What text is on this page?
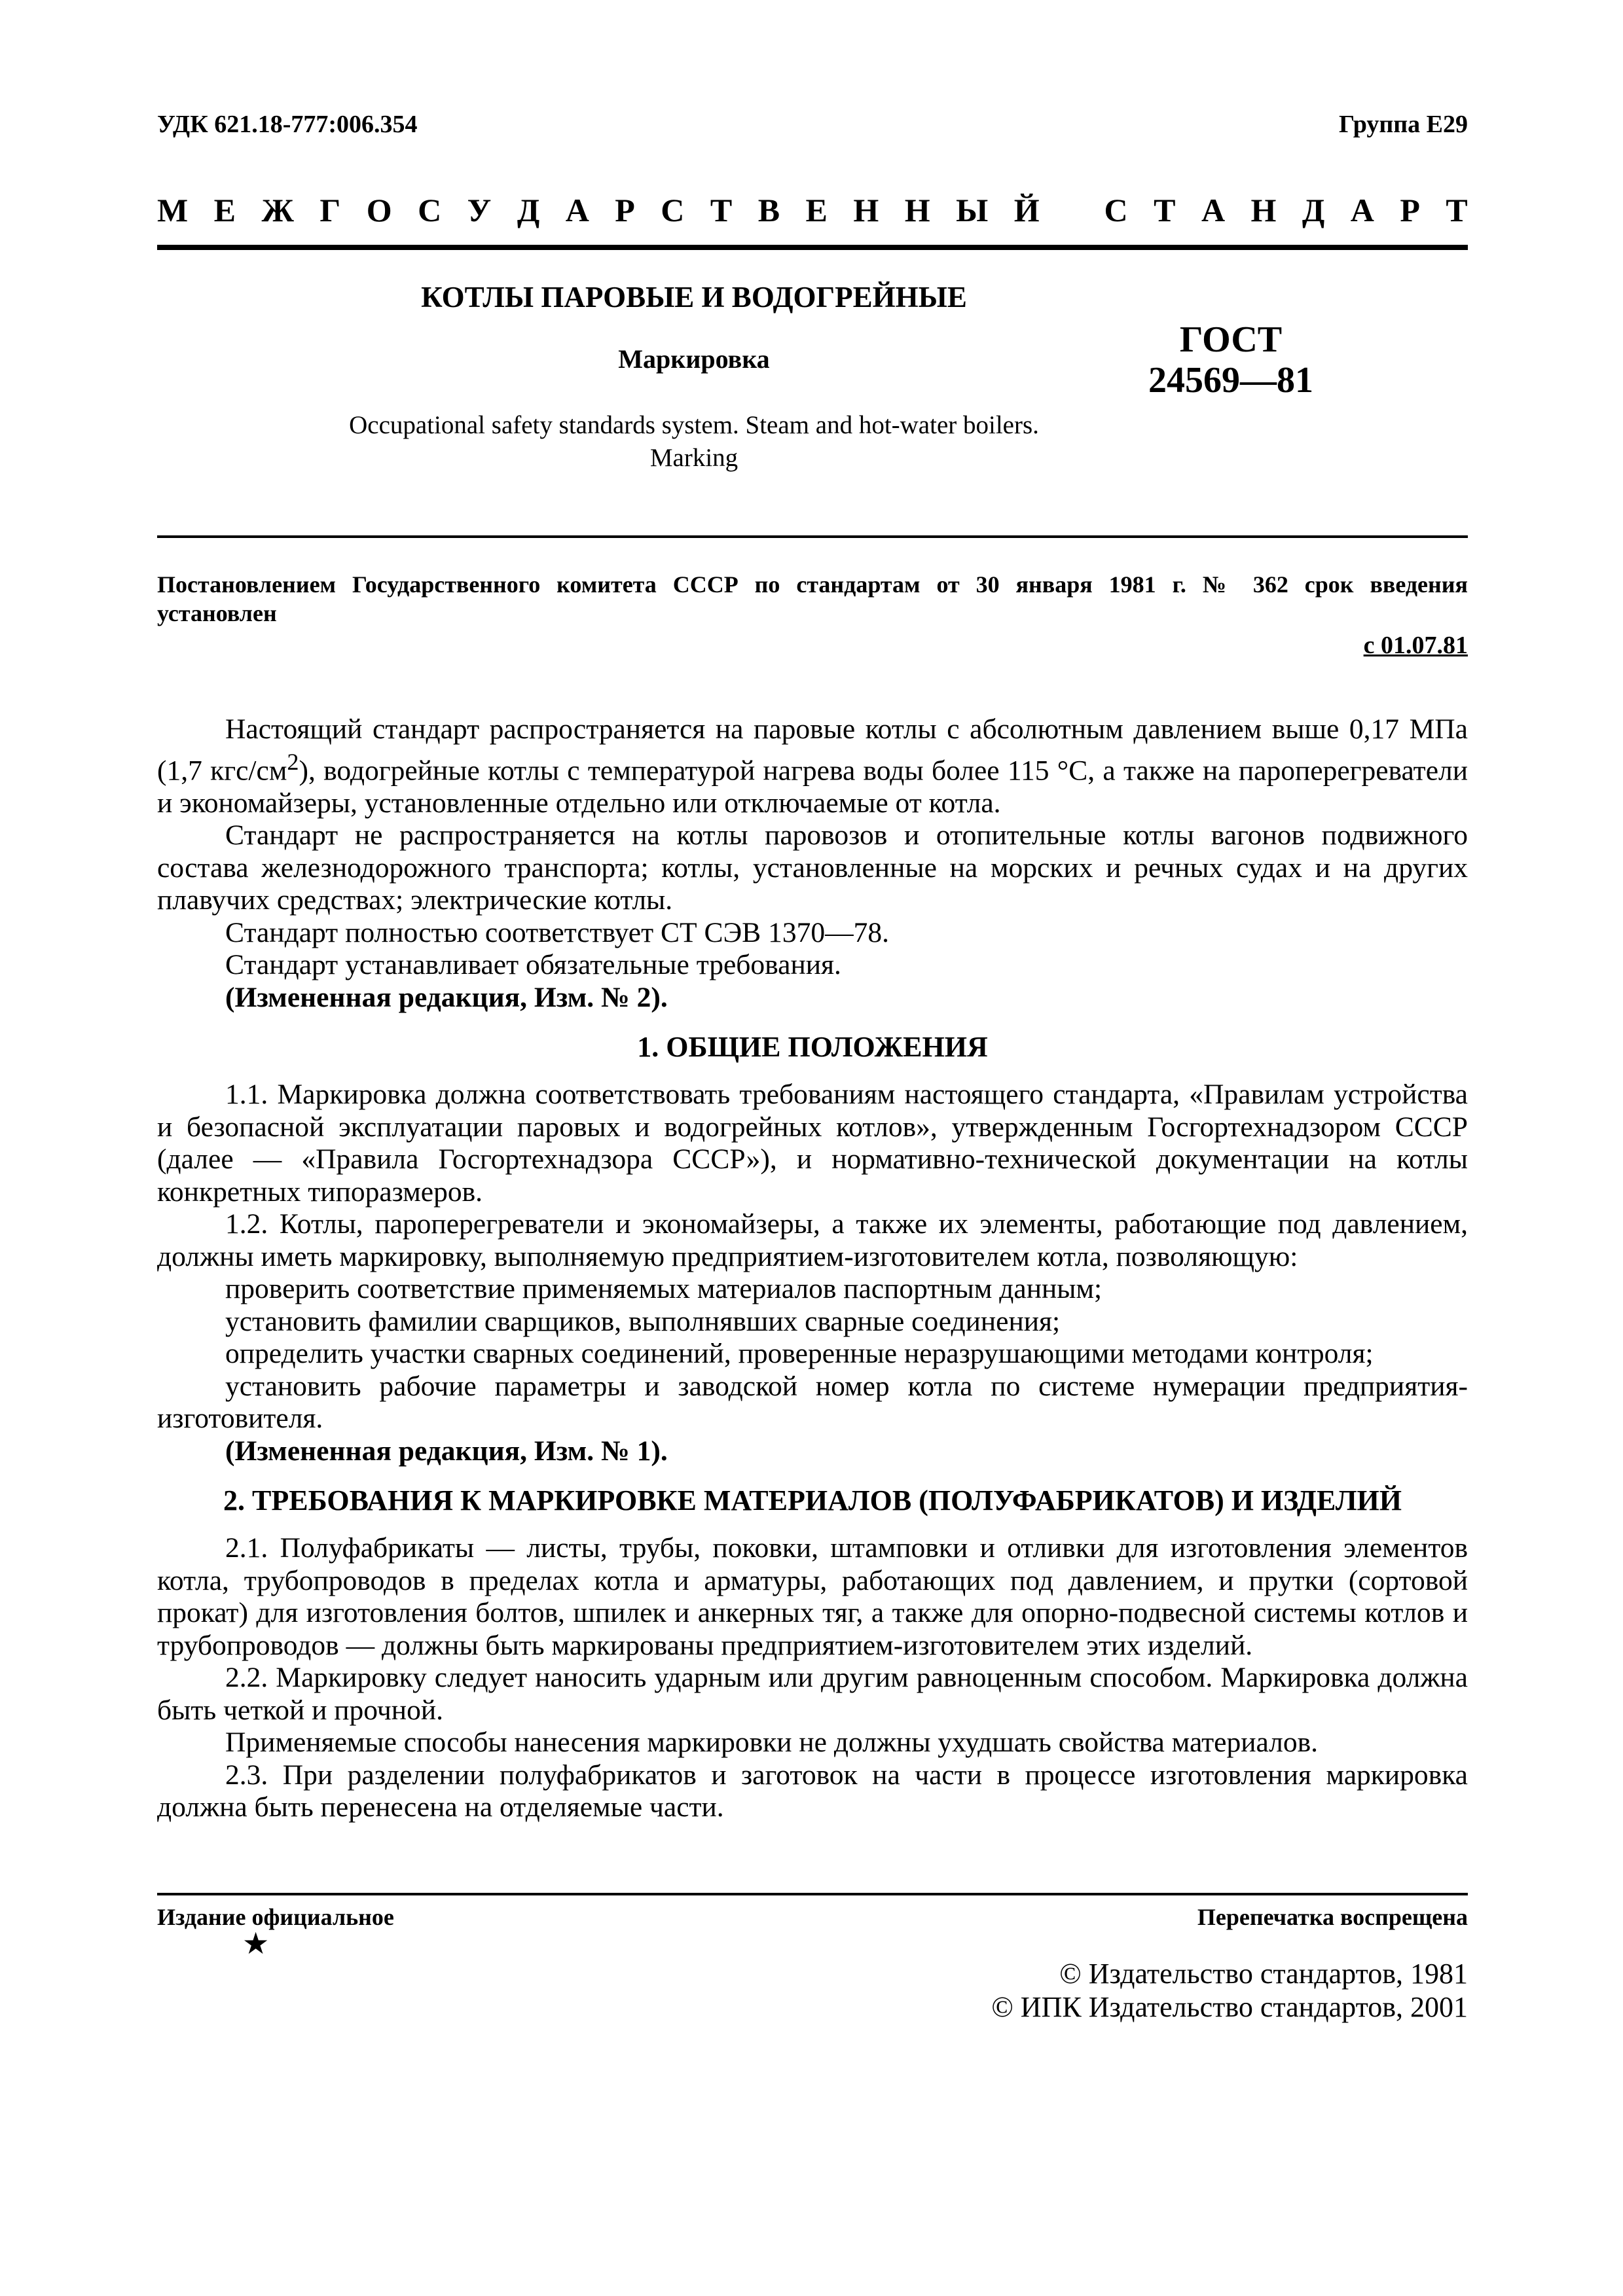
УДК 621.18-777:006.354	Группа Е29
М Е Ж Г О С У Д А Р С Т В Е Н Н Ы Й С Т А Н Д А Р Т
КОТЛЫ ПАРОВЫЕ И ВОДОГРЕЙНЫЕ
Маркировка
Occupational safety standards system. Steam and hot-water boilers.
Marking
ГОСТ
24569—81
Постановлением Государственного комитета СССР по стандартам от 30 января 1981 г. № 362 срок введения
установлен
с 01.07.81

Настоящий стандарт распространяется на паровые котлы с абсолютным давлением выше 0,17 МПа (1,7 кгс/$см^2$), водогрейные котлы с температурой нагрева воды более 115 °С, а также на пароперегреватели и экономайзеры, установленные отдельно или отключаемые от котла.

Стандарт не распространяется на котлы паровозов и отопительные котлы вагонов подвижного состава железнодорожного транспорта; котлы, установленные на морских и речных судах и на других плавучих средствах; электрические котлы.

Стандарт полностью соответствует СТ СЭВ 1370—78.

Стандарт устанавливает обязательные требования.

(Измененная редакция, Изм. № 2).

1. ОБЩИЕ ПОЛОЖЕНИЯ

1.1. Маркировка должна соответствовать требованиям настоящего стандарта, «Правилам устройства и безопасной эксплуатации паровых и водогрейных котлов», утвержденным Госгортехнадзором СССР (далее — «Правила Госгортехнадзора СССР»), и нормативно-технической документации на котлы конкретных типоразмеров.

1.2. Котлы, пароперегреватели и экономайзеры, а также их элементы, работающие под давлением, должны иметь маркировку, выполняемую предприятием-изготовителем котла, позволяющую:

проверить соответствие применяемых материалов паспортным данным;

установить фамилии сварщиков, выполнявших сварные соединения;

определить участки сварных соединений, проверенные неразрушающими методами контроля;

установить рабочие параметры и заводской номер котла по системе нумерации предприятия-изготовителя.

(Измененная редакция, Изм. № 1).

2. ТРЕБОВАНИЯ К МАРКИРОВКЕ МАТЕРИАЛОВ (ПОЛУФАБРИКАТОВ) И ИЗДЕЛИЙ

2.1. Полуфабрикаты — листы, трубы, поковки, штамповки и отливки для изготовления элементов котла, трубопроводов в пределах котла и арматуры, работающих под давлением, и прутки (сортовой прокат) для изготовления болтов, шпилек и анкерных тяг, а также для опорно-подвесной системы котлов и трубопроводов — должны быть маркированы предприятием-изготовителем этих изделий.

2.2. Маркировку следует наносить ударным или другим равноценным способом. Маркировка должна быть четкой и прочной.

Применяемые способы нанесения маркировки не должны ухудшать свойства материалов.

2.3. При разделении полуфабрикатов и заготовок на части в процессе изготовления маркировка должна быть перенесена на отделяемые части.

Издание официальное
★
Перепечатка воспрещена
© Издательство стандартов, 1981
© ИПК Издательство стандартов, 2001
